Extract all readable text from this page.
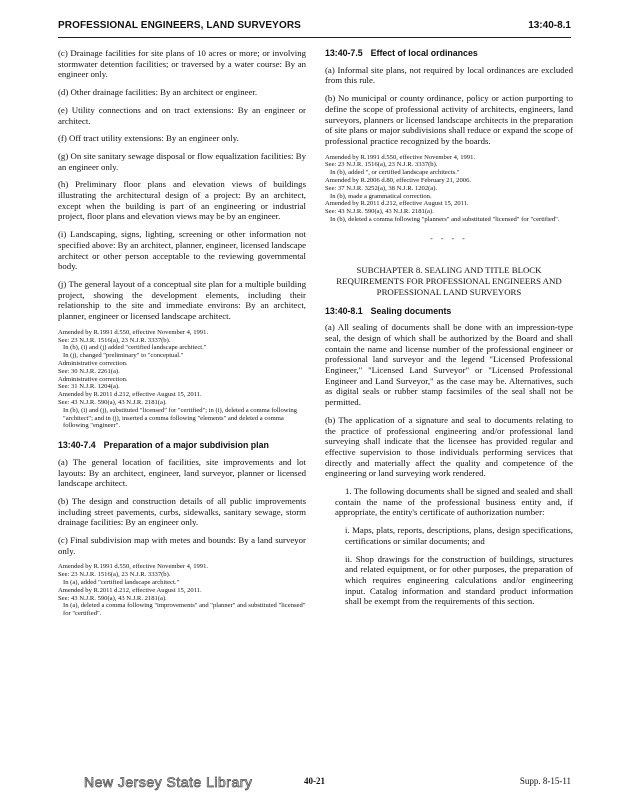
PROFESSIONAL ENGINEERS, LAND SURVEYORS	13:40-8.1

(c) Drainage facilities for site plans of 10 acres or more; or involving stormwater detention facilities; or traversed by a water course: By an engineer only.

(d) Other drainage facilities: By an architect or engineer.

(e) Utility connections and on tract extensions: By an engineer or architect.

(f) Off tract utility extensions: By an engineer only.

(g) On site sanitary sewage disposal or flow equalization facilities: By an engineer only.

(h) Preliminary floor plans and elevation views of buildings illustrating the architectural design of a project: By an architect, except when the building is part of an engineering or industrial project, floor plans and elevation views may be by an engineer.

(i) Landscaping, signs, lighting, screening or other information not specified above: By an architect, planner, engineer, licensed landscape architect or other person acceptable to the reviewing governmental body.

(j) The general layout of a conceptual site plan for a multiple building project, showing the development elements, including their relationship to the site and immediate environs: By an architect, planner, engineer or licensed landscape architect.

Amended by R.1991 d.550, effective November 4, 1991.
See: 23 N.J.R. 1516(a), 23 N.J.R. 3337(b).
In (b), (i) and (j) added "certified landscape architect."
In (j), changed "preliminary" to "conceptual."
Administrative correction.
See: 30 N.J.R. 2261(a).
Administrative correction.
See: 31 N.J.R. 1204(a).
Amended by R.2011 d.212, effective August 15, 2011.
See: 43 N.J.R. 590(a), 43 N.J.R. 2181(a).
In (b), (i) and (j), substituted "licensed" for "certified"; in (i), deleted a comma following "architect"; and in (j), inserted a comma following "elements" and deleted a comma following "engineer".
13:40-7.4 Preparation of a major subdivision plan

(a) The general location of facilities, site improvements and lot layouts: By an architect, engineer, land surveyor, planner or licensed landscape architect.

(b) The design and construction details of all public improvements including street pavements, curbs, sidewalks, sanitary sewage, storm drainage facilities: By an engineer only.

(c) Final subdivision map with metes and bounds: By a land surveyor only.

Amended by R.1991 d.550, effective November 4, 1991.
See: 23 N.J.R. 1516(a), 23 N.J.R. 3337(b).
In (a), added "certified landscape architect."
Amended by R.2011 d.212, effective August 15, 2011.
See: 43 N.J.R. 590(a), 43 N.J.R. 2181(a).
In (a), deleted a comma following "improvements" and "planner" and substituted "licensed" for "certified".
13:40-7.5 Effect of local ordinances

(a) Informal site plans, not required by local ordinances are excluded from this rule.

(b) No municipal or county ordinance, policy or action purporting to define the scope of professional activity of architects, engineers, land surveyors, planners or licensed landscape architects in the preparation of site plans or major subdivisions shall reduce or expand the scope of professional practice recognized by the boards.

Amended by R.1991 d.550, effective November 4, 1991.
See: 23 N.J.R. 1516(a), 23 N.J.R. 3337(b).
In (b), added ", or certified landscape architects."
Amended by R.2006 d.80, effective February 21, 2006.
See: 37 N.J.R. 3252(a), 38 N.J.R. 1202(a).
In (b), made a grammatical correction.
Amended by R.2011 d.212, effective August 15, 2011.
See: 43 N.J.R. 590(a), 43 N.J.R. 2181(a).
In (b), deleted a comma following "planners" and substituted "licensed" for "certified".
- - - -
SUBCHAPTER 8. SEALING AND TITLE BLOCK REQUIREMENTS FOR PROFESSIONAL ENGINEERS AND PROFESSIONAL LAND SURVEYORS
13:40-8.1 Sealing documents

(a) All sealing of documents shall be done with an impression-type seal, the design of which shall be authorized by the Board and shall contain the name and license number of the professional engineer or professional land surveyor and the legend "Licensed Professional Engineer," "Licensed Land Surveyor" or "Licensed Professional Engineer and Land Surveyor," as the case may be. Alternatives, such as digital seals or rubber stamp facsimiles of the seal shall not be permitted.

(b) The application of a signature and seal to documents relating to the practice of professional engineering and/or professional land surveying shall indicate that the licensee has provided regular and effective supervision to those individuals performing services that directly and materially affect the quality and competence of the engineering or land surveying work rendered.

1. The following documents shall be signed and sealed and shall contain the name of the professional business entity and, if appropriate, the entity's certificate of authorization number:

i. Maps, plats, reports, descriptions, plans, design specifications, certifications or similar documents; and

ii. Shop drawings for the construction of buildings, structures and related equipment, or for other purposes, the preparation of which requires engineering calculations and/or engineering input. Catalog information and standard product information shall be exempt from the requirements of this section.

New Jersey State Library	40-21	Supp. 8-15-11
